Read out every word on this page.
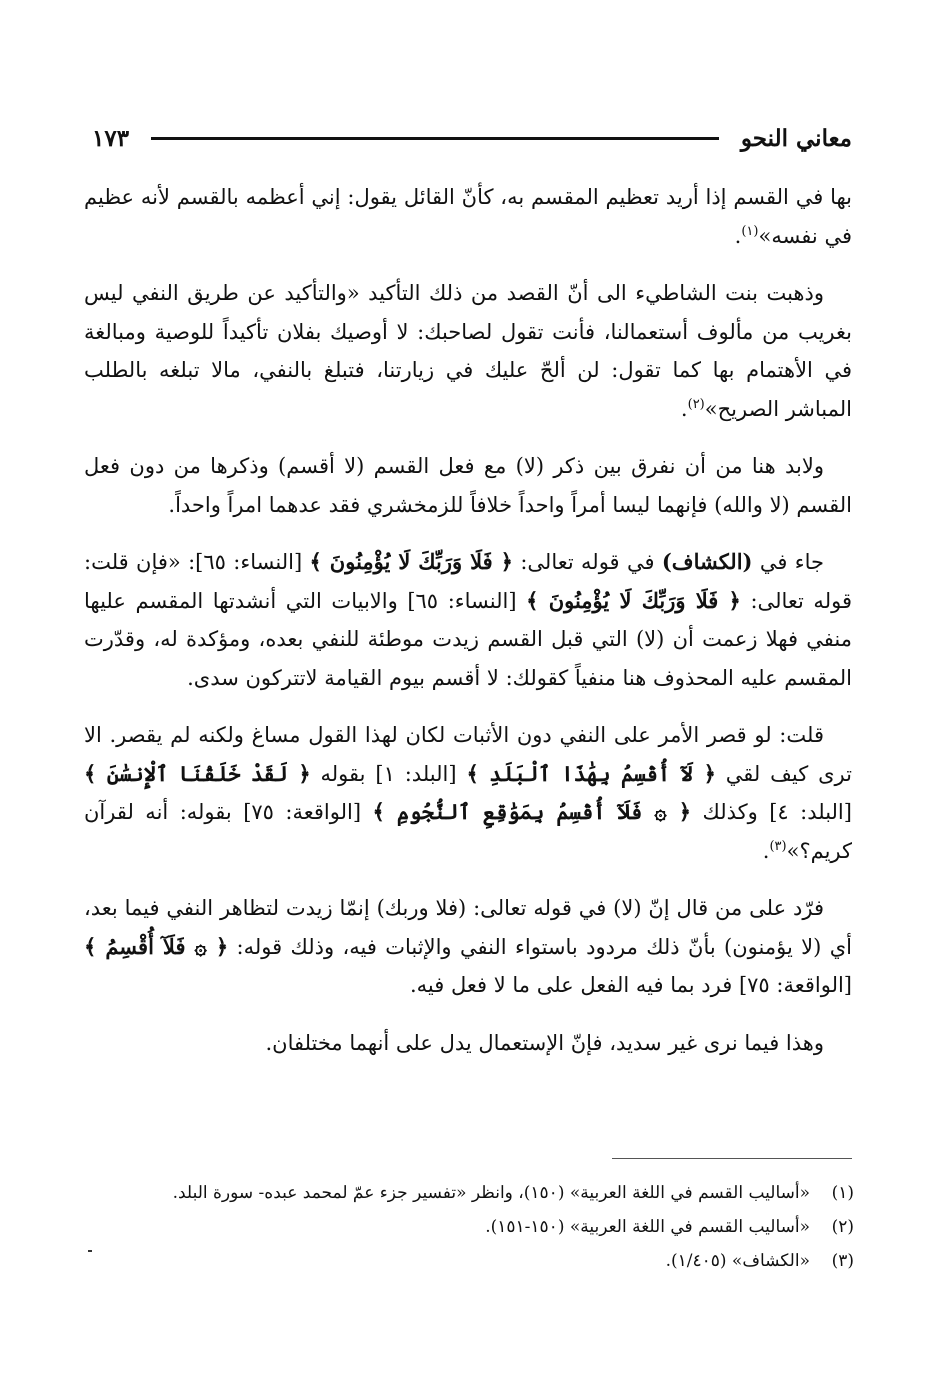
معاني النحو
١٧٣

بها في القسم إذا أريد تعظيم المقسم به، كأنّ القائل يقول: إني أعظمه بالقسم لأنه عظيم في نفسه»$^{(١)}$.

وذهبت بنت الشاطيء الى أنّ القصد من ذلك التأكيد «والتأكيد عن طريق النفي ليس بغريب من مألوف أستعمالنا، فأنت تقول لصاحبك: لا أوصيك بفلان تأكيداً للوصية ومبالغة في الأهتمام بها كما تقول: لن ألحّ عليك في زيارتنا، فتبلغ بالنفي، مالا تبلغه بالطلب المباشر الصريح»$^{(٢)}$.

ولابد هنا من أن نفرق بين ذكر (لا) مع فعل القسم (لا أقسم) وذكرها من دون فعل القسم (لا والله) فإنهما ليسا أمراً واحداً خلافاً للزمخشري فقد عدهما امراً واحداً.

جاء في (الكشاف) في قوله تعالى: ﴿ فَلَا وَرَبِّكَ لَا يُؤْمِنُونَ ﴾ [النساء: ٦٥]: «فإن قلت: قوله تعالى: ﴿ فَلَا وَرَبِّكَ لَا يُؤْمِنُونَ ﴾ [النساء: ٦٥] والابيات التي أنشدتها المقسم عليها منفي فهلا زعمت أن (لا) التي قبل القسم زيدت موطئة للنفي بعده، ومؤكدة له، وقدّرت المقسم عليه المحذوف هنا منفياً كقولك: لا أقسم بيوم القيامة لاتتركون سدى.

قلت: لو قصر الأمر على النفي دون الأثبات لكان لهذا القول مساغ ولكنه لم يقصر. الا ترى كيف لقي ﴿ لَآ أُقْسِمُ بِهَٰذَا ٱلْبَلَدِ ﴾ [البلد: ١] بقوله ﴿ لَقَدْ خَلَقْنَا ٱلْإِنسَٰنَ ﴾ [البلد: ٤] وكذلك ﴿ ۞ فَلَآ أُقْسِمُ بِمَوَٰقِعِ ٱلنُّجُومِ ﴾ [الواقعة: ٧٥] بقوله: أنه لقرآن كريم؟»$^{(٣)}$.

فرّد على من قال إنّ (لا) في قوله تعالى: (فلا وربك) إنمّا زيدت لتظاهر النفي فيما بعد، أي (لا يؤمنون) بأنّ ذلك مردود باستواء النفي والإثبات فيه، وذلك قوله: ﴿ ۞ فَلَآ أُقْسِمُ ﴾ [الواقعة: ٧٥] فرد بما فيه الفعل على ما لا فعل فيه.

وهذا فيما نرى غير سديد، فإنّ الإستعمال يدل على أنهما مختلفان.

(١)
«أساليب القسم في اللغة العربية» (١٥٠)، وانظر «تفسير جزء عمّ لمحمد عبده- سورة البلد.
(٢)
«أساليب القسم في اللغة العربية» (١٥٠-١٥١).
(٣)
«الكشاف» (١/٤٠٥).
